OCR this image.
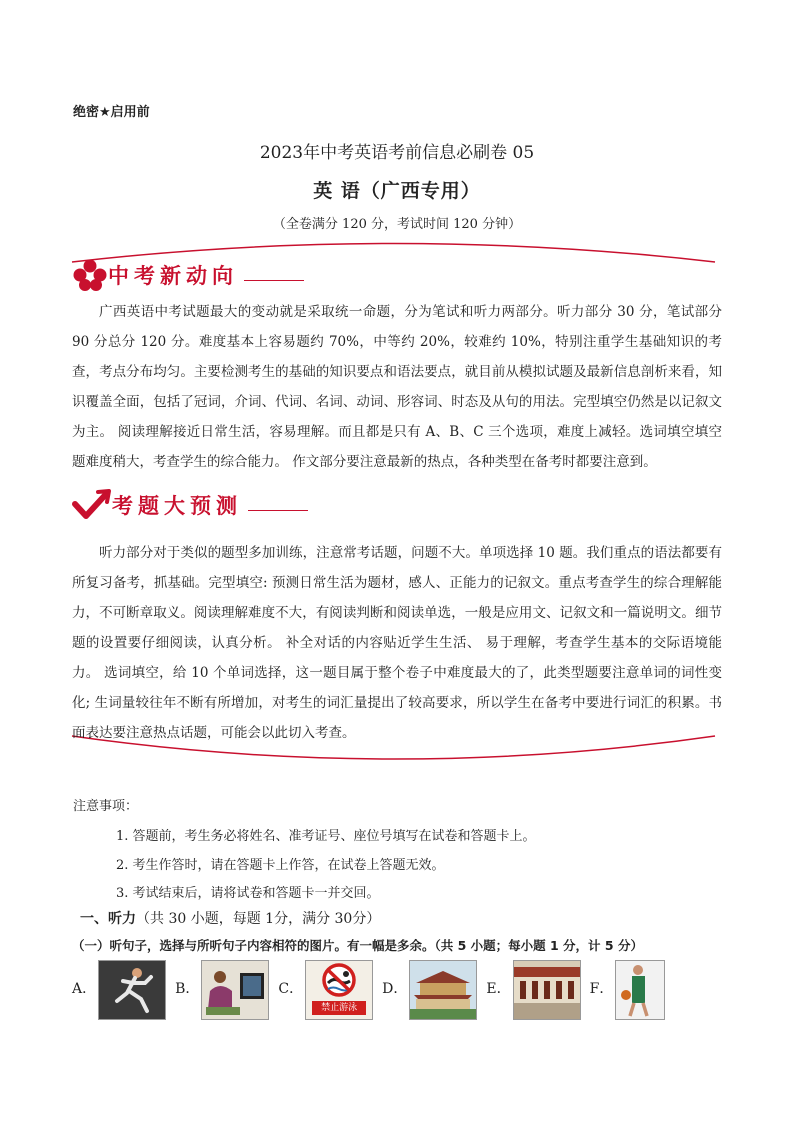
绝密★启用前
2023年中考英语考前信息必刷卷 05
英 语（广西专用）
（全卷满分 120 分，考试时间 120 分钟）
中考新动向
广西英语中考试题最大的变动就是采取统一命题，分为笔试和听力两部分。听力部分 30 分，笔试部分 90 分总分 120 分。难度基本上容易题约 70%，中等约 20%，较难约 10%，特别注重学生基础知识的考查，考点分布均匀。主要检测考生的基础的知识要点和语法要点，就目前从模拟试题及最新信息剖析来看，知识覆盖全面，包括了冠词，介词、代词、名词、动词、形容词、时态及从句的用法。完型填空仍然是以记叙文为主。 阅读理解接近日常生活，容易理解。而且都是只有 A、B、C 三个选项，难度上减轻。选词填空填空题难度稍大，考查学生的综合能力。 作文部分要注意最新的热点，各种类型在备考时都要注意到。
考题大预测
听力部分对于类似的题型多加训练，注意常考话题，问题不大。单项选择 10 题。我们重点的语法都要有所复习备考，抓基础。完型填空: 预测日常生活为题材，感人、正能力的记叙文。重点考查学生的综合理解能力，不可断章取义。阅读理解难度不大，有阅读判断和阅读单选，一般是应用文、记叙文和一篇说明文。细节题的设置要仔细阅读，认真分析。 补全对话的内容贴近学生生活、 易于理解，考查学生基本的交际语境能力。 选词填空，给 10 个单词选择，这一题目属于整个卷子中难度最大的了，此类型题要注意单词的词性变化; 生词量较往年不断有所增加，对考生的词汇量提出了较高要求，所以学生在备考中要进行词汇的积累。书面表达要注意热点话题，可能会以此切入考查。
注意事项：
1. 答题前，考生务必将姓名、准考证号、座位号填写在试卷和答题卡上。
2. 考生作答时，请在答题卡上作答，在试卷上答题无效。
3. 考试结束后，请将试卷和答题卡一并交回。
一、听力（共 30 小题，每题 1分，满分 30分）
（一）听句子，选择与所听句子内容相符的图片。有一幅是多余。（共 5 小题；每小题 1 分，计 5 分）
A．	B．	C．
禁止游泳
D．	E．	F．
